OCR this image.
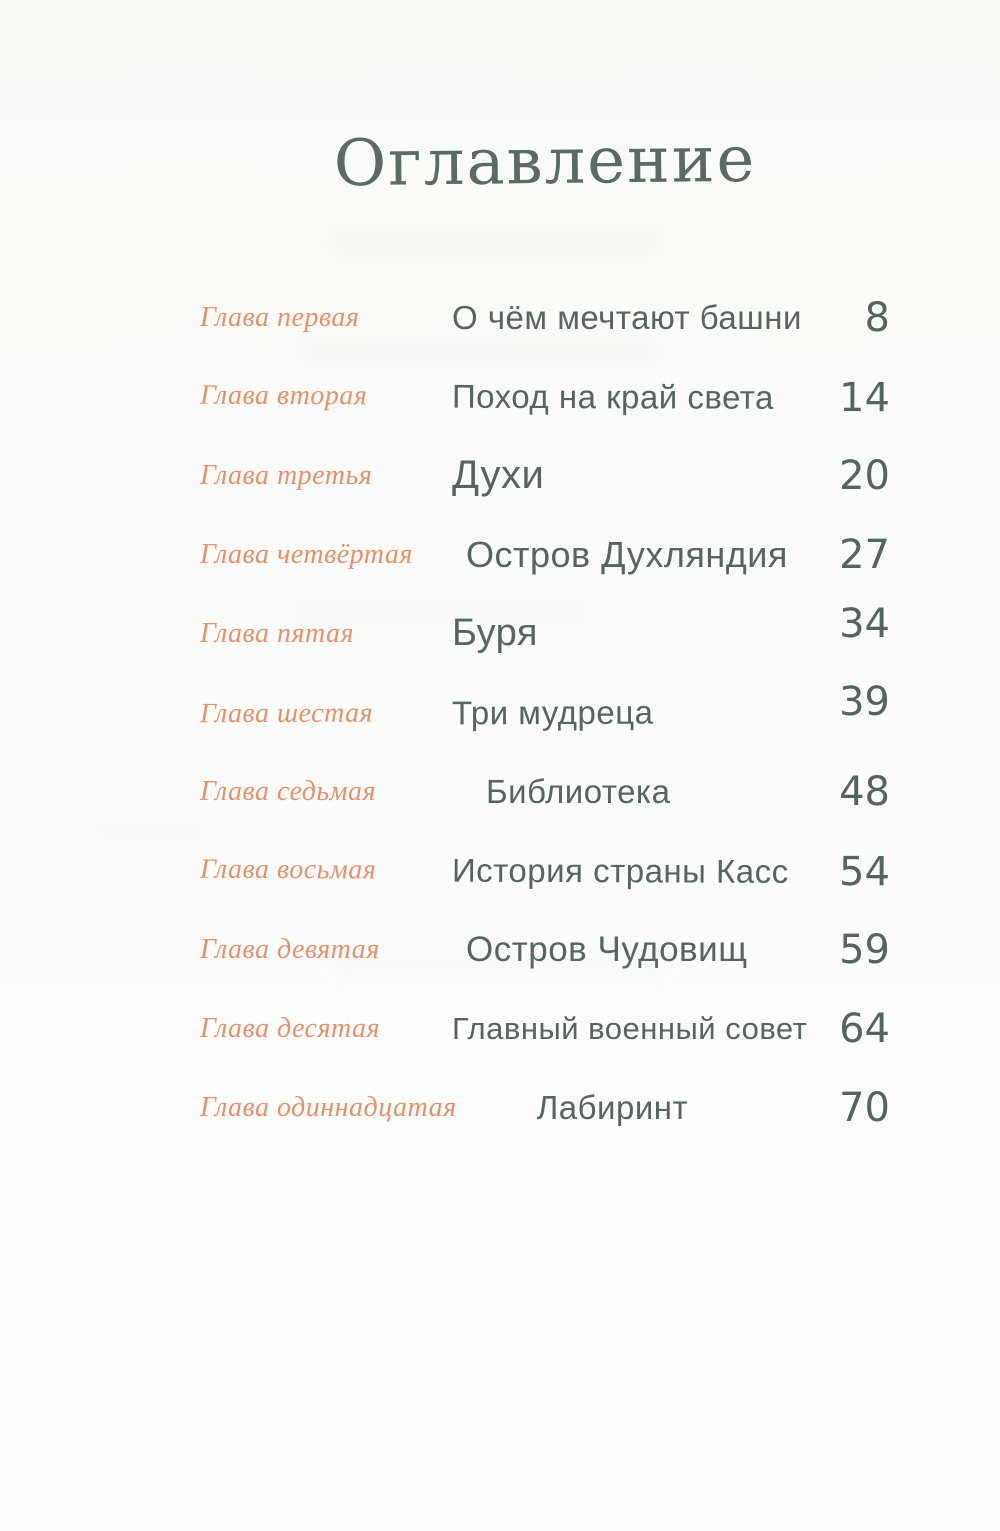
Оглавление
Глава первая	О чём мечтают башни	8
Глава вторая	Поход на край света	14
Глава третья	Духи	20
Глава четвёртая	Остров Духляндия	27
Глава пятая	Буря	34
Глава шестая	Три мудреца	39
Глава седьмая	Библиотека	48
Глава восьмая	История страны Касс	54
Глава девятая	Остров Чудовищ	59
Глава десятая	Главный военный совет 64
Глава одиннадцатая	Лабиринт	70
